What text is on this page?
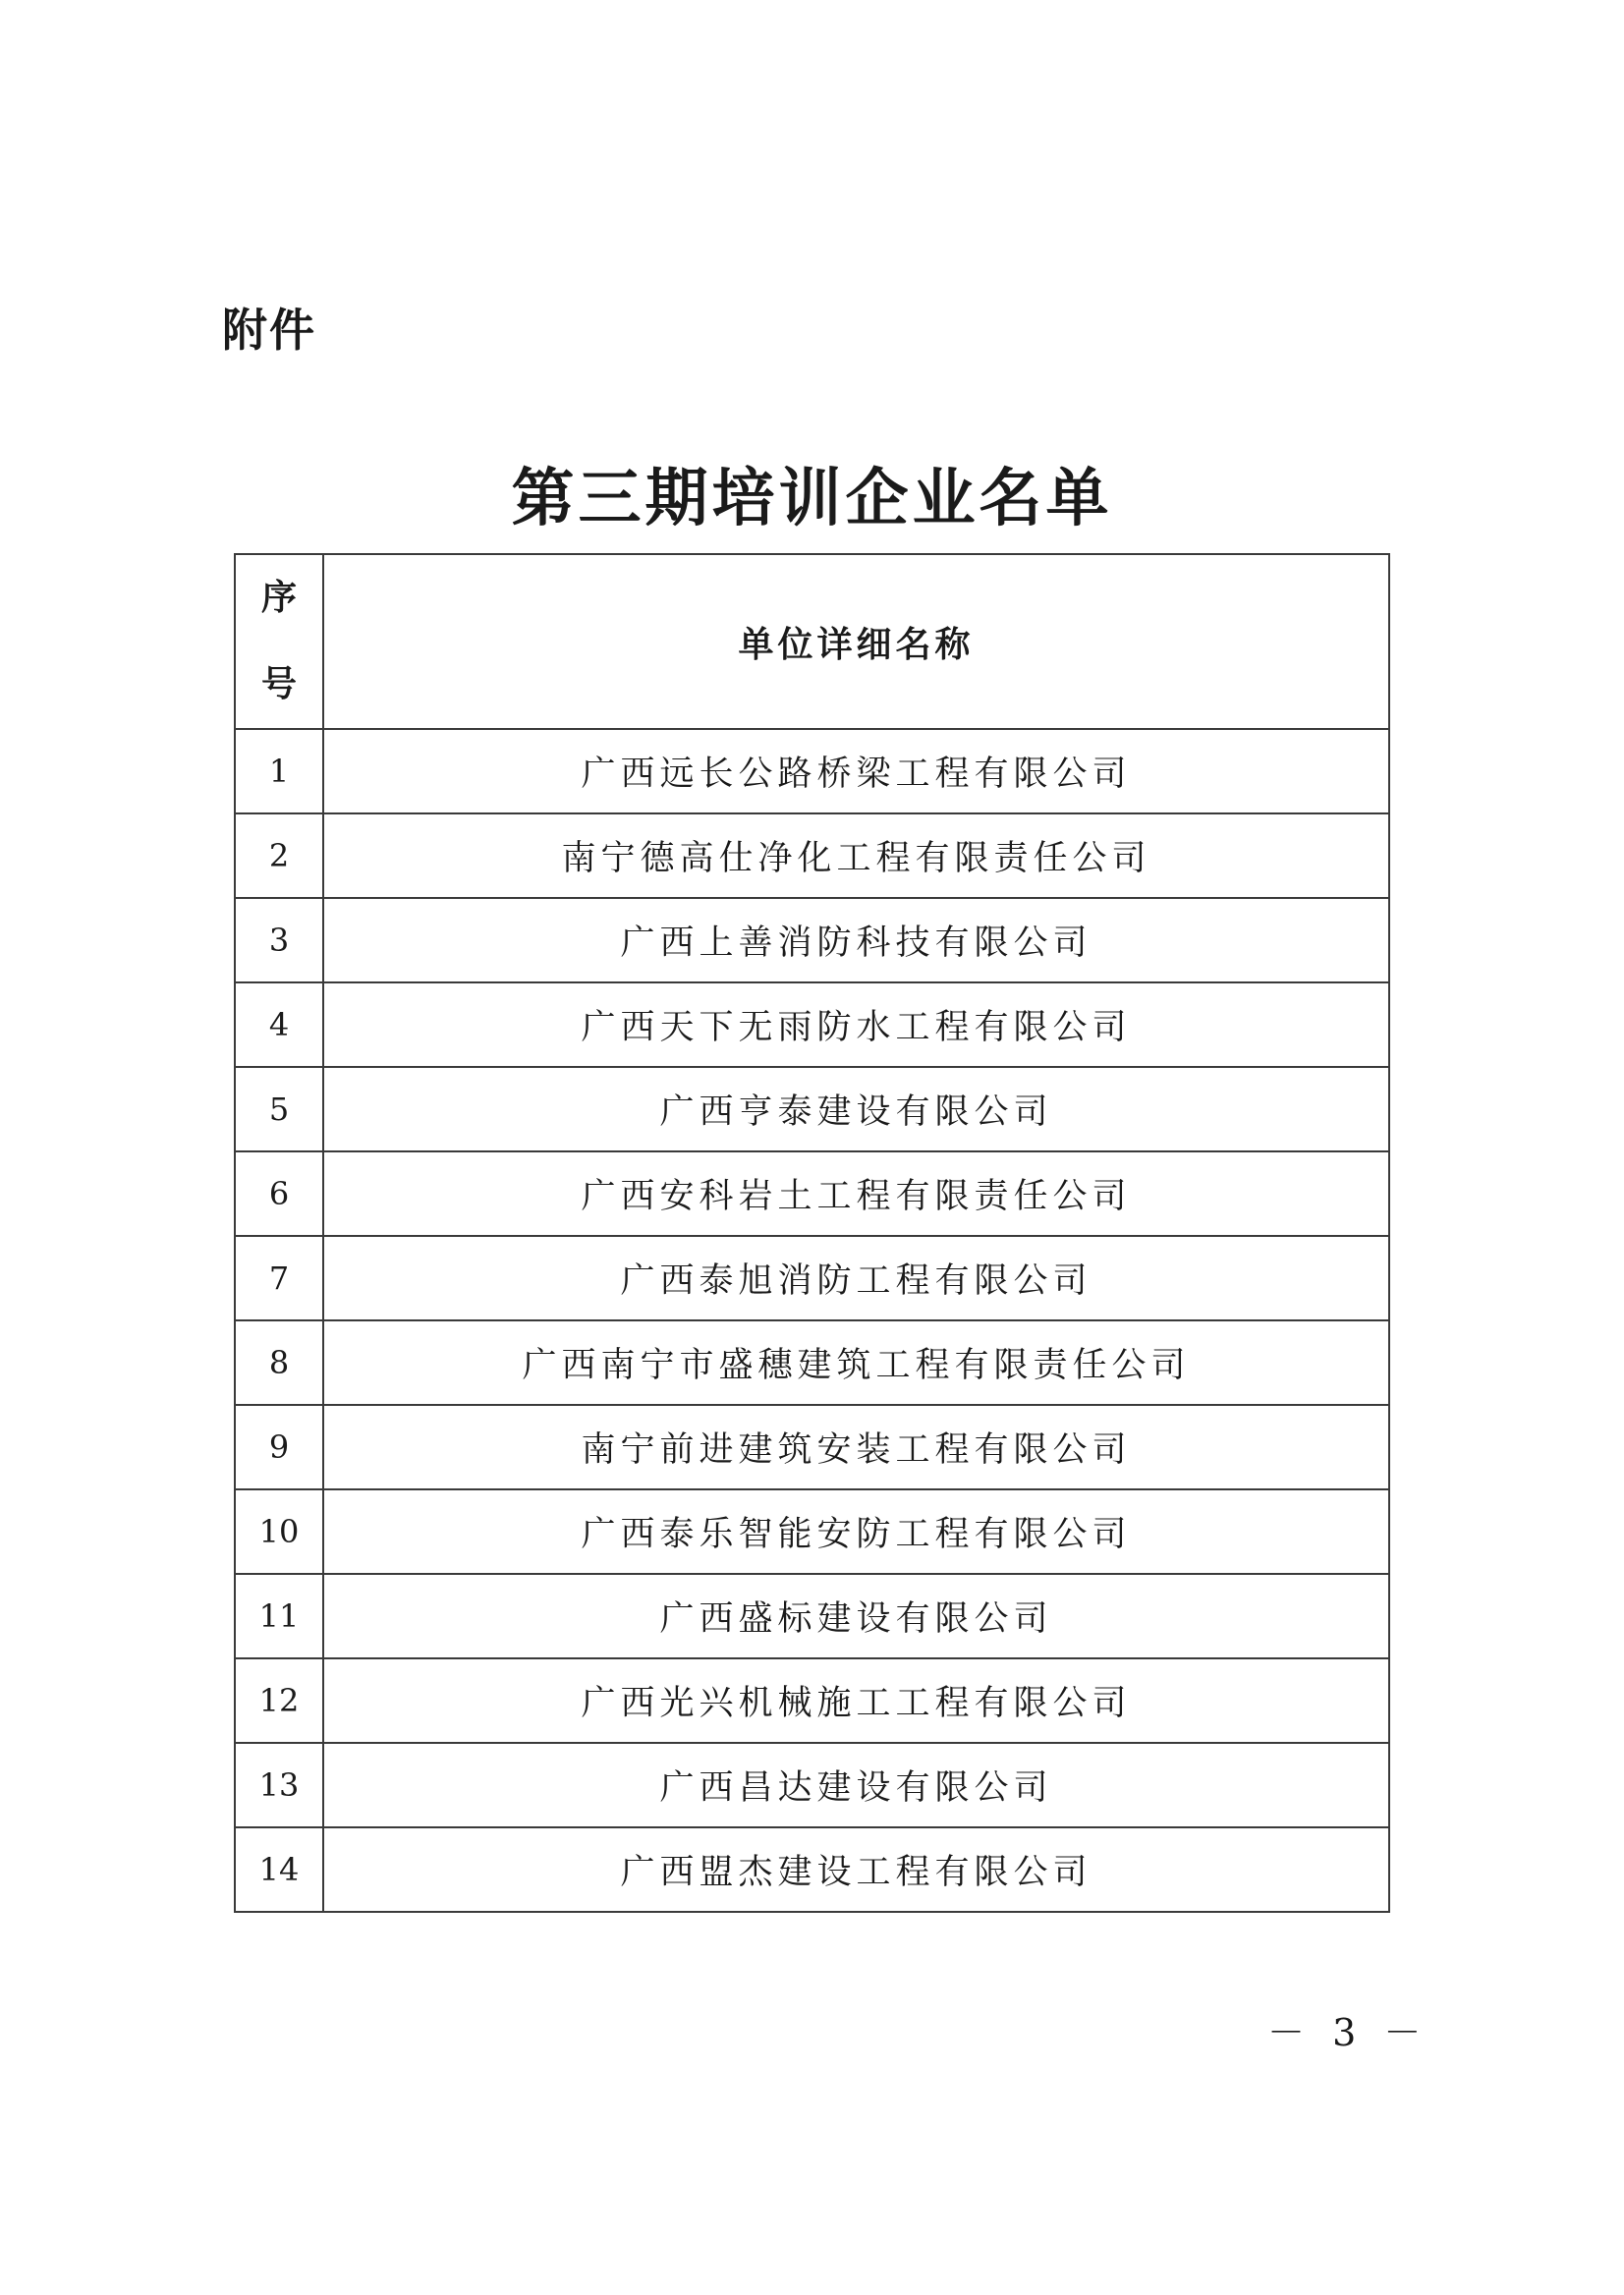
附件
第三期培训企业名单
序
号	单位详细名称
1	广西远长公路桥梁工程有限公司
2	南宁德高仕净化工程有限责任公司
3	广西上善消防科技有限公司
4	广西天下无雨防水工程有限公司
5	广西亨泰建设有限公司
6	广西安科岩土工程有限责任公司
7	广西泰旭消防工程有限公司
8	广西南宁市盛穗建筑工程有限责任公司
9	南宁前进建筑安装工程有限公司
10	广西泰乐智能安防工程有限公司
11	广西盛标建设有限公司
12	广西光兴机械施工工程有限公司
13	广西昌达建设有限公司
14	广西盟杰建设工程有限公司
－ 3 －
